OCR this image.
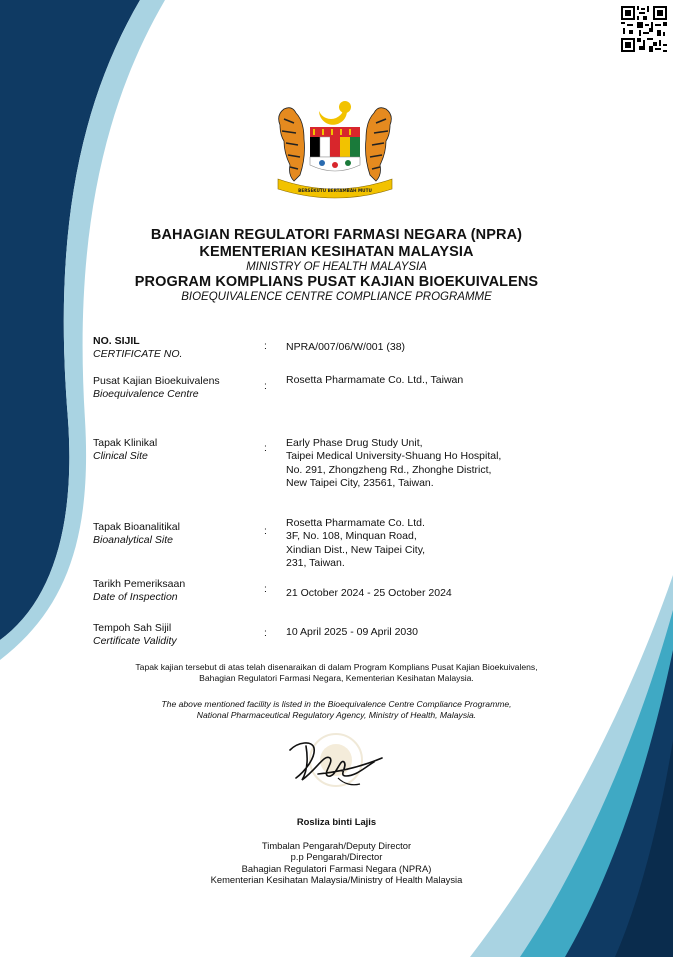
BERSEKUTU BERTAMBAH MUTU
BAHAGIAN REGULATORI FARMASI NEGARA (NPRA)
KEMENTERIAN KESIHATAN MALAYSIA
MINISTRY OF HEALTH MALAYSIA
PROGRAM KOMPLIANS PUSAT KAJIAN BIOEKUIVALENS
BIOEQUIVALENCE CENTRE COMPLIANCE PROGRAMME
NO. SIJIL
CERTIFICATE NO.
: NPRA/007/06/W/001 (38)
Pusat Kajian Bioekuivalens
Bioequivalence Centre
: Rosetta Pharmamate Co. Ltd., Taiwan
Tapak Klinikal
Clinical Site
: Early Phase Drug Study Unit,
Taipei Medical University-Shuang Ho Hospital,
No. 291, Zhongzheng Rd., Zhonghe District,
New Taipei City, 23561, Taiwan.
Tapak Bioanalitikal
Bioanalytical Site
:
Rosetta Pharmamate Co. Ltd.
3F, No. 108, Minquan Road,
Xindian Dist., New Taipei City,
231, Taiwan.
Tarikh Pemeriksaan
Date of Inspection
: 21 October 2024 - 25 October 2024
Tempoh Sah Sijil
Certificate Validity
: 10 April 2025 - 09 April 2030
Tapak kajian tersebut di atas telah disenaraikan di dalam Program Komplians Pusat Kajian Bioekuivalens,
Bahagian Regulatori Farmasi Negara, Kementerian Kesihatan Malaysia.
The above mentioned facility is listed in the Bioequivalence Centre Compliance Programme,
National Pharmaceutical Regulatory Agency, Ministry of Health, Malaysia.
Rosliza binti Lajis
Timbalan Pengarah/Deputy Director
p.p Pengarah/Director
Bahagian Regulatori Farmasi Negara (NPRA)
Kementerian Kesihatan Malaysia/Ministry of Health Malaysia
